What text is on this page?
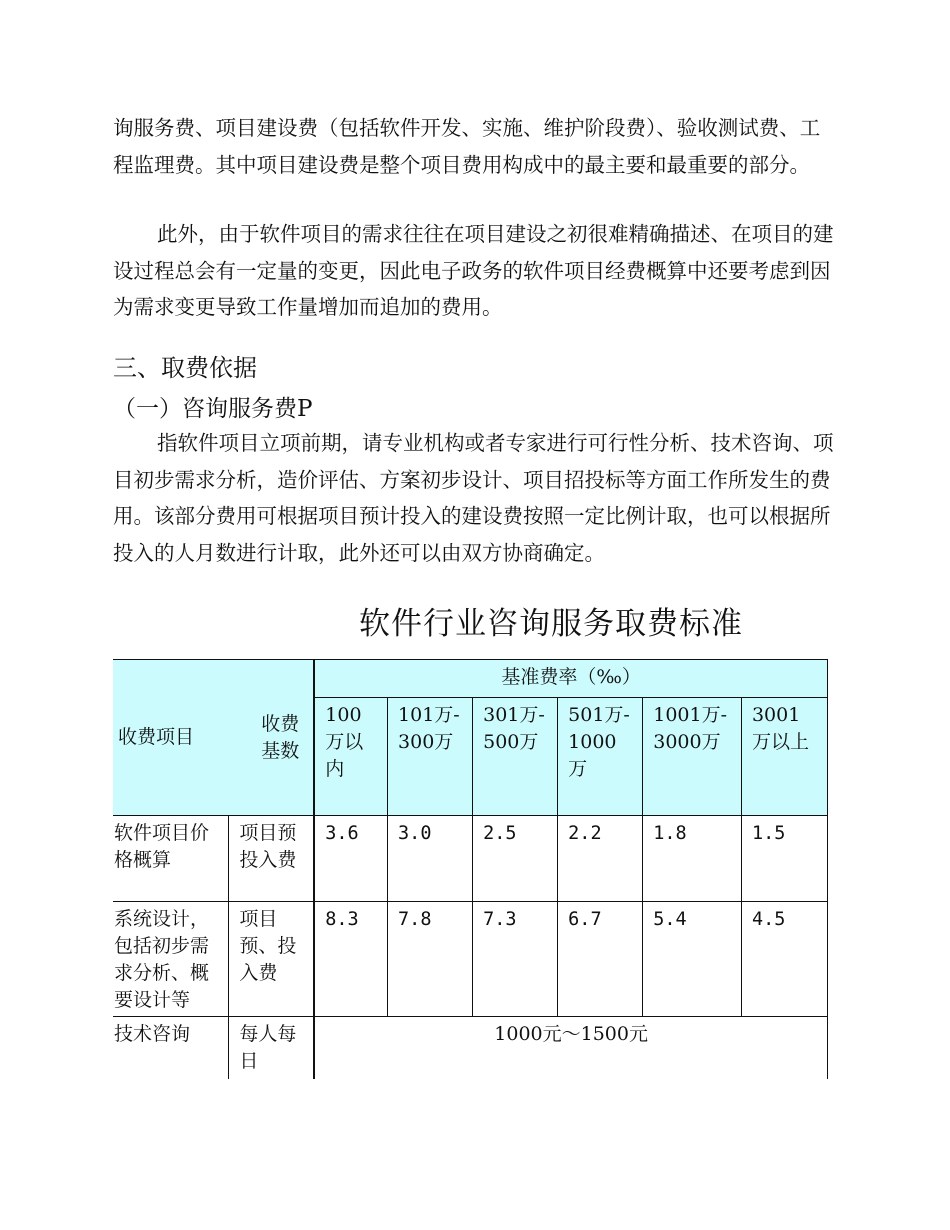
询服务费、项目建设费（包括软件开发、实施、维护阶段费）、验收测试费、工程监理费。其中项目建设费是整个项目费用构成中的最主要和最重要的部分。

此外，由于软件项目的需求往往在项目建设之初很难精确描述、在项目的建设过程总会有一定量的变更，因此电子政务的软件项目经费概算中还要考虑到因为需求变更导致工作量增加而追加的费用。

三、取费依据
（一）咨询服务费P

指软件项目立项前期，请专业机构或者专家进行可行性分析、技术咨询、项目初步需求分析，造价评估、方案初步设计、项目招投标等方面工作所发生的费用。该部分费用可根据项目预计投入的建设费按照一定比例计取，也可以根据所投入的人月数进行计取，此外还可以由双方协商确定。

软件行业咨询服务取费标准
收费项目
收费基数		基准费率（‰）					
		100万以内	101万-300万	301万-500万	501万-1000万	1001万-3000万	3001万以上
软件项目价格概算	项目预投入费	3.6	3.0	2.5	2.2	1.8	1.5
系统设计，包括初步需求分析、概要设计等	项目预、投入费	8.3	7.8	7.3	6.7	5.4	4.5
技术咨询	每人每日	1000元～1500元					
